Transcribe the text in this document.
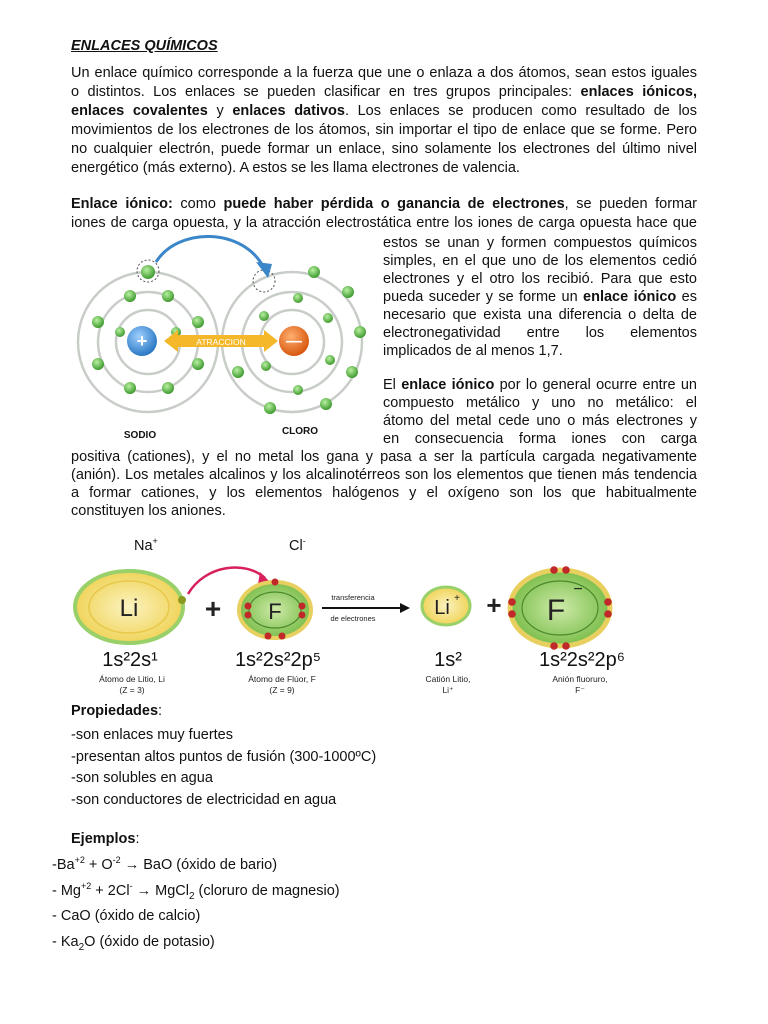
ENLACES QUÍMICOS
Un enlace químico corresponde a la fuerza que une o enlaza a dos átomos, sean estos iguales
o distintos. Los enlaces se pueden clasificar en tres grupos principales: enlaces iónicos,
enlaces covalentes y enlaces dativos. Los enlaces se producen como resultado de los
movimientos de los electrones de los átomos, sin importar el tipo de enlace que se forme. Pero
no cualquier electrón, puede formar un enlace, sino solamente los electrones del último nivel
energético (más externo). A estos se les llama electrones de valencia.
Enlace iónico: como puede haber pérdida o ganancia de electrones, se pueden formar
iones de carga opuesta, y la atracción electrostática entre los iones de carga opuesta hace que
estos se unan y formen compuestos químicos
simples, en el que uno de los elementos cedió
electrones y el otro los recibió. Para que esto
pueda suceder y se forme un enlace iónico es
necesario que exista una diferencia o delta de
electronegatividad entre los elementos
implicados de al menos 1,7.
El enlace iónico por lo general ocurre entre un
compuesto metálico y uno no metálico: el
átomo del metal cede uno o más electrones y
en consecuencia forma iones con carga
positiva (cationes), y el no metal los gana y pasa a ser la partícula cargada negativamente
(anión). Los metales alcalinos y los alcalinotérreos son los elementos que tienen más tendencia
a formar cationes, y los elementos halógenos y el oxígeno son los que habitualmente
constituyen los aniones.
+	—
ATRACCION
SODIO	CLORO
Na+	Cl-
Li + F
transferencia
de electrones	Li + + F
−
1s²2s¹	1s²2s²2p⁵	1s²	1s²2s²2p⁶
Átomo de Litio, Li
(Z = 3)
Átomo de Flúor, F
(Z = 9)
Catión Litio,
Li⁺
Anión fluoruro,
F⁻
Propiedades:
-son enlaces muy fuertes
-presentan altos puntos de fusión (300-1000ºC)
-son solubles en agua
-son conductores de electricidad en agua
Ejemplos:
$-Ba^{+2} + O^{-2}$ → BaO (óxido de bario)
- $Mg^{+2} + 2Cl^-$ → MgCl$_2$ (cloruro de magnesio)
- CaO (óxido de calcio)
- $Ka_2O$ (óxido de potasio)
